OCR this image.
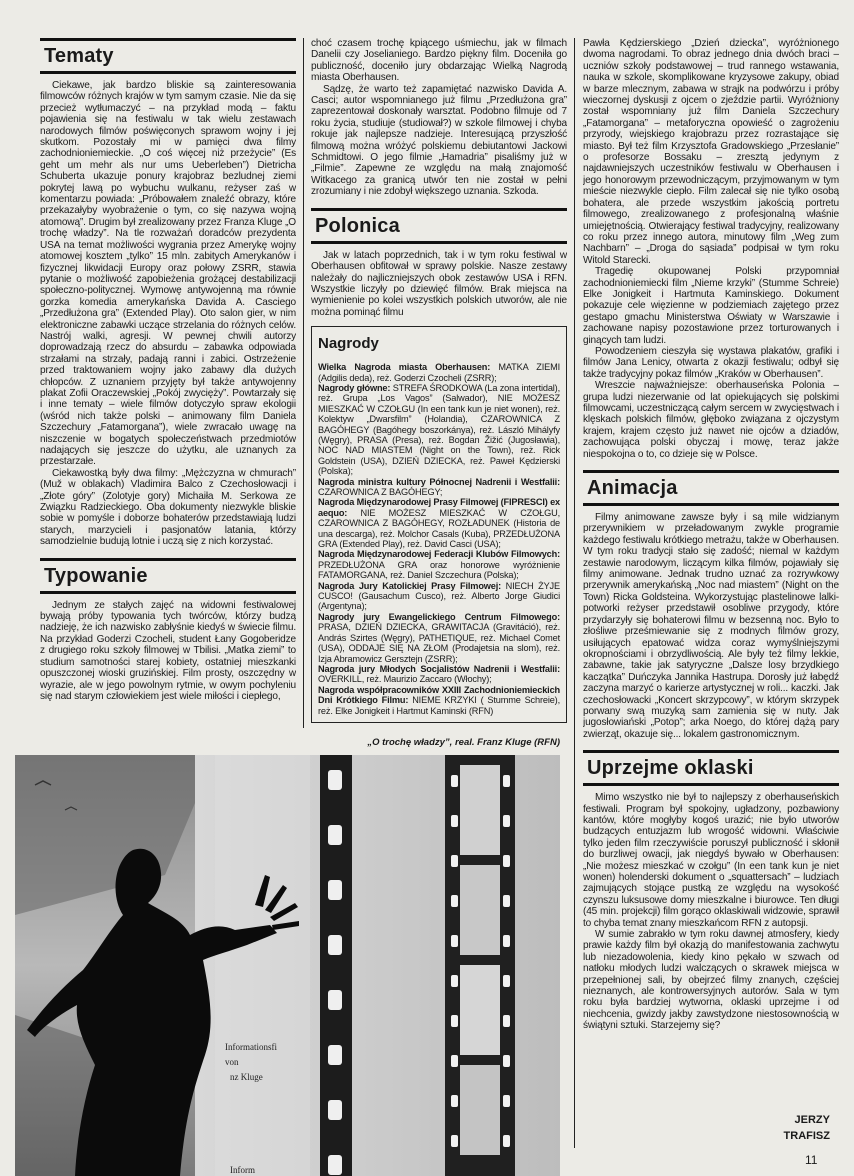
Tematy

Ciekawe, jak bardzo bliskie są zainteresowania filmowców różnych krajów w tym samym czasie. Nie da się przecież wytłumaczyć – na przykład modą – faktu pojawienia się na festiwalu w tak wielu zestawach narodowych filmów poświęconych sprawom wojny i jej skutkom. Pozostały mi w pamięci dwa filmy zachodnioniemieckie. „O coś więcej niż przeżycie” (Es geht um mehr als nur ums Ueberleben”) Dietricha Schuberta ukazuje ponury krajobraz bezludnej ziemi pokrytej lawą po wybuchu wulkanu, reżyser zaś w komentarzu powiada: „Próbowałem znaleźć obrazy, które przekazałyby wyobrażenie o tym, co się nazywa wojną atomową”. Drugim był zrealizowany przez Franza Kluge „O trochę władzy”. Na tle rozważań doradców prezydenta USA na temat możliwości wygrania przez Amerykę wojny atomowej kosztem „tylko” 15 mln. zabitych Amerykanów i fizycznej likwidacji Europy oraz połowy ZSRR, stawia pytanie o możliwość zapobieżenia grożącej destabilizacji społeczno-politycznej. Wymowę antywojenną ma równie gorzka komedia amerykańska Davida A. Casciego „Przedłużona gra” (Extended Play). Oto salon gier, w nim elektroniczne zabawki uczące strzelania do różnych celów. Nastrój walki, agresji. W pewnej chwili autorzy doprowadzają rzecz do absurdu – zabawka odpowiada strzałami na strzały, padają ranni i zabici. Ostrzeżenie przed traktowaniem wojny jako zabawy dla dużych chłopców. Z uznaniem przyjęty był także antywojenny plakat Zofii Oraczewskiej „Pokój zwycięży”. Powtarzały się i inne tematy – wiele filmów dotyczyło spraw ekologii (wśród nich także polski – animowany film Daniela Szczechury „Fatamorgana”), wiele zwracało uwagę na niszczenie w bogatych społeczeństwach przedmiotów nadających się jeszcze do użytku, ale uznanych za przestarzałe.

Ciekawostką były dwa filmy: „Mężczyzna w chmurach” (Muž w oblakach) Vladimira Balco z Czechosłowacji i „Złote góry” (Zolotyje gory) Michaiła M. Serkowa ze Związku Radzieckiego. Oba dokumenty niezwykle bliskie sobie w pomyśle i doborze bohaterów przedstawiają ludzi starych, marzycieli i pasjonatów latania, którzy samodzielnie budują lotnie i uczą się z nich korzystać.

Typowanie

Jednym ze stałych zajęć na widowni festiwalowej bywają próby typowania tych twórców, którzy budzą nadzieję, że ich nazwisko zabłyśnie kiedyś w świecie filmu. Na przykład Goderzi Czocheli, student Łany Gogoberidze z drugiego roku szkoły filmowej w Tbilisi. „Matka ziemi” to studium samotności starej kobiety, ostatniej mieszkanki opuszczonej wioski gruzińskiej. Film prosty, oszczędny w wyrazie, ale w jego powolnym rytmie, w owym pochyleniu się nad starym człowiekiem jest wiele miłości i ciepłego,

choć czasem trochę kpiącego uśmiechu, jak w filmach Danelii czy Joselianiego. Bardzo piękny film. Doceniła go publiczność, doceniło jury obdarzając Wielką Nagrodą miasta Oberhausen.

Sądzę, że warto też zapamiętać nazwisko Davida A. Casci; autor wspomnianego już filmu „Przedłużona gra” zaprezentował doskonały warsztat. Podobno filmuje od 7 roku życia, studiuje (studiował?) w szkole filmowej i chyba rokuje jak najlepsze nadzieje. Interesującą przyszłość filmową można wróżyć polskiemu debiutantowi Jackowi Schmidtowi. O jego filmie „Hamadria” pisaliśmy już w „Filmie”. Zapewne ze względu na małą znajomość Witkacego za granicą utwór ten nie został w pełni zrozumiany i nie zdobył większego uznania. Szkoda.

Polonica

Jak w latach poprzednich, tak i w tym roku festiwal w Oberhausen obfitował w sprawy polskie. Nasze zestawy należały do najliczniejszych obok zestawów USA i RFN. Wszystkie liczyły po dziewięć filmów. Brak miejsca na wymienienie po kolei wszystkich polskich utworów, ale nie można pominąć filmu

Nagrody

Wielka Nagroda miasta Oberhausen: MATKA ZIEMI (Adgilis deda), reż. Goderzi Czocheli (ZSRR);

Nagrody główne: STREFA ŚRODKOWA (La zona intertidal), reż. Grupa „Los Vagos” (Salwador), NIE MOŻESZ MIESZKAĆ W CZOŁGU (In een tank kun je niet wonen), reż. Kolektyw „Dwarsfilm” (Holandia), CZAROWNICA Z BAGÓHEGY (Bagóhegy boszorkánya), reż. László Mihályfy (Węgry), PRASA (Presa), reż. Bogdan Žižić (Jugosławia), NOC NAD MIASTEM (Night on the Town), reż. Rick Goldstein (USA), DZIEŃ DZIECKA, reż. Paweł Kędzierski (Polska);

Nagroda ministra kultury Północnej Nadrenii i Westfalii: CZAROWNICA Z BAGÓHEGY;

Nagroda Międzynarodowej Prasy Filmowej (FIPRESCI) ex aequo: NIE MOŻESZ MIESZKAĆ W CZOŁGU, CZAROWNICA Z BAGÓHEGY, ROZŁADUNEK (Historia de una descarga), reż. Molchor Casals (Kuba), PRZEDŁUŻONA GRA (Extended Play), reż. David Casci (USA);

Nagroda Międzynarodowej Federacji Klubów Filmowych: PRZEDŁUŻONA GRA oraz honorowe wyróżnienie FATAMORGANA, reż. Daniel Szczechura (Polska);

Nagroda Jury Katolickiej Prasy Filmowej: NIECH ŻYJE CUSCO! (Gausachum Cusco), reż. Alberto Jorge Giudici (Argentyna);

Nagrody jury Ewangelickiego Centrum Filmowego: PRASA, DZIEŃ DZIECKA, GRAWITACJA (Gravitáció), reż. András Szirtes (Węgry), PATHETIQUE, reż. Michael Comet (USA), ODDAJE SIĘ NA ZŁOM (Prodajetsia na slom), reż. Izja Abramowicz Gersztejn (ZSRR);

Nagroda jury Młodych Socjalistów Nadrenii i Westfalii: OVERKILL, reż. Maurizio Zaccaro (Włochy);

Nagroda współpracowników XXIII Zachodnioniemieckich Dni Krótkiego Filmu: NIEME KRZYKI ( Stumme Schreie), reż. Elke Jonigkeit i Hartmut Kaminski (RFN)

Pawła Kędzierskiego „Dzień dziecka”, wyróżnionego dwoma nagrodami. To obraz jednego dnia dwóch braci – uczniów szkoły podstawowej – trud rannego wstawania, nauka w szkole, skomplikowane kryzysowe zakupy, obiad w barze mlecznym, zabawa w strajk na podwórzu i próby wieczornej dyskusji z ojcem o zjeździe partii. Wyróżniony został wspomniany już film Daniela Szczechury „Fatamorgana” – metaforyczna opowieść o zagrożeniu przyrody, wiejskiego krajobrazu przez rozrastające się miasto. Był też film Krzysztofa Gradowskiego „Przesłanie” o profesorze Bossaku – zresztą jedynym z najdawniejszych uczestników festiwalu w Oberhausen i jego honorowym przewodniczącym, przyjmowanym w tym mieście niezwykle ciepło. Film zalecał się nie tylko osobą bohatera, ale przede wszystkim jakością portretu filmowego, zrealizowanego z profesjonalną właśnie umiejętnością. Otwierający festiwal tradycyjny, realizowany co roku przez innego autora, minutowy film „Weg zum Nachbarn” – „Droga do sąsiada” podpisał w tym roku Witold Starecki.

Tragedię okupowanej Polski przypomniał zachodnioniemiecki film „Nieme krzyki” (Stumme Schreie) Elke Jonigkeit i Hartmuta Kaminskiego. Dokument pokazuje cele więzienne w podziemiach zajętego przez gestapo gmachu Ministerstwa Oświaty w Warszawie i zachowane napisy pozostawione przez torturowanych i ginących tam ludzi.

Powodzeniem cieszyła się wystawa plakatów, grafiki i filmów Jana Lenicy, otwarta z okazji festiwalu; odbył się także tradycyjny pokaz filmów „Kraków w Oberhausen”.

Wreszcie najważniejsze: oberhauseńska Polonia – grupa ludzi niezerwanie od lat opiekujących się polskimi filmowcami, uczestniczącą całym sercem w zwycięstwach i klęskach polskich filmów, głęboko związana z ojczystym krajem, krajem często już nawet nie ojców a dziadów, zachowująca polski obyczaj i mowę, teraz jakże niespokojna o to, co dzieje się w Polsce.

Animacja

Filmy animowane zawsze były i są mile widzianym przerywnikiem w przeładowanym zwykle programie każdego festiwalu krótkiego metrażu, także w Oberhausen. W tym roku tradycji stało się zadość; niemal w każdym zestawie narodowym, liczącym kilka filmów, pojawiały się filmy animowane. Jednak trudno uznać za rozrywkowy przerywnik amerykańską „Noc nad miastem” (Night on the Town) Ricka Goldsteina. Wykorzystując plastelinowe lalki-potworki reżyser przedstawił osobliwe przygody, które przydarzyły się bohaterowi filmu w bezsenną noc. Było to złośliwe prześmiewanie się z modnych filmów grozy, usiłujących epatować widza coraz wymyślniejszymi okropnościami i obrzydliwością. Ale były też filmy lekkie, zabawne, takie jak satyryczne „Dalsze losy brzydkiego kaczątka” Duńczyka Jannika Hastrupa. Dorosły już łabędź zaczyna marzyć o karierze artystycznej w roli... kaczki. Jak czechosłowacki „Koncert skrzypcowy”, w którym skrzypek porwany swą muzyką sam zamienia się w nuty. Jak jugosłowiański „Potop”; arka Noego, do której dążą pary zwierząt, okazuje się... lokalem gastronomicznym.

Uprzejme oklaski

Mimo wszystko nie był to najlepszy z oberhauseńskich festiwali. Program był spokojny, ugładzony, pozbawiony kantów, które mogłyby kogoś urazić; nie było utworów budzących entuzjazm lub wrogość widowni. Właściwie tylko jeden film rzeczywiście poruszył publiczność i skłonił do burzliwej owacji, jak niegdyś bywało w Oberhausen: „Nie możesz mieszkać w czołgu” (In een tank kun je niet wonen) holenderski dokument o „squattersach” – ludziach zajmujących stojące pustką ze względu na wysokość czynszu luksusowe domy mieszkalne i biurowce. Ten długi (45 min. projekcji) film gorąco oklaskiwali widzowie, sprawił to chyba temat znany mieszkańcom RFN z autopsji.

W sumie zabrakło w tym roku dawnej atmosfery, kiedy prawie każdy film był okazją do manifestowania zachwytu lub niezadowolenia, kiedy kino pękało w szwach od natłoku młodych ludzi walczących o skrawek miejsca w przepełnionej sali, by obejrzeć filmy znanych, częściej nieznanych, ale kontrowersyjnych autorów. Sala w tym roku była bardziej wytworna, oklaski uprzejme i od niechcenia, gwizdy jakby zawstydzone niestosownością w świątyni sztuki. Starzejemy się?

„O trochę władzy”, real. Franz Kluge (RFN)
Informationsfi
von
nz Kluge
Inform
JERZY
TRAFISZ
11
